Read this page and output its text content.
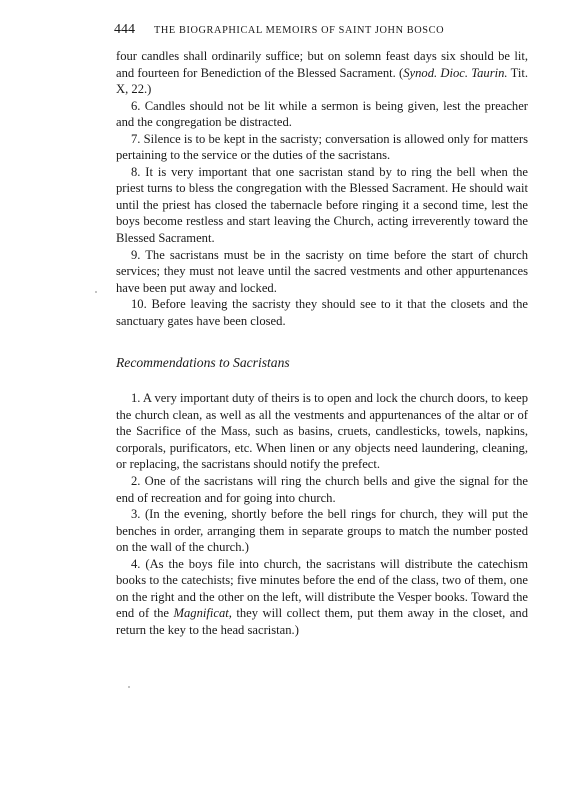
444	THE BIOGRAPHICAL MEMOIRS OF SAINT JOHN BOSCO

four candles shall ordinarily suffice; but on solemn feast days six should be lit, and fourteen for Benediction of the Blessed Sacrament. (Synod. Dioc. Taurin. Tit. X, 22.)

6. Candles should not be lit while a sermon is being given, lest the preacher and the congregation be distracted.

7. Silence is to be kept in the sacristy; conversation is allowed only for matters pertaining to the service or the duties of the sacristans.

8. It is very important that one sacristan stand by to ring the bell when the priest turns to bless the congregation with the Blessed Sacrament. He should wait until the priest has closed the tabernacle before ringing it a second time, lest the boys become restless and start leaving the Church, acting irreverently toward the Blessed Sacrament.

9. The sacristans must be in the sacristy on time before the start of church services; they must not leave until the sacred vestments and other appurtenances have been put away and locked.

10. Before leaving the sacristy they should see to it that the closets and the sanctuary gates have been closed.

Recommendations to Sacristans

1. A very important duty of theirs is to open and lock the church doors, to keep the church clean, as well as all the vestments and appurtenances of the altar or of the Sacrifice of the Mass, such as basins, cruets, candlesticks, towels, napkins, corporals, purificators, etc. When linen or any objects need laundering, cleaning, or replacing, the sacristans should notify the prefect.

2. One of the sacristans will ring the church bells and give the signal for the end of recreation and for going into church.

3. (In the evening, shortly before the bell rings for church, they will put the benches in order, arranging them in separate groups to match the number posted on the wall of the church.)

4. (As the boys file into church, the sacristans will distribute the catechism books to the catechists; five minutes before the end of the class, two of them, one on the right and the other on the left, will distribute the Vesper books. Toward the end of the Magnificat, they will collect them, put them away in the closet, and return the key to the head sacristan.)
